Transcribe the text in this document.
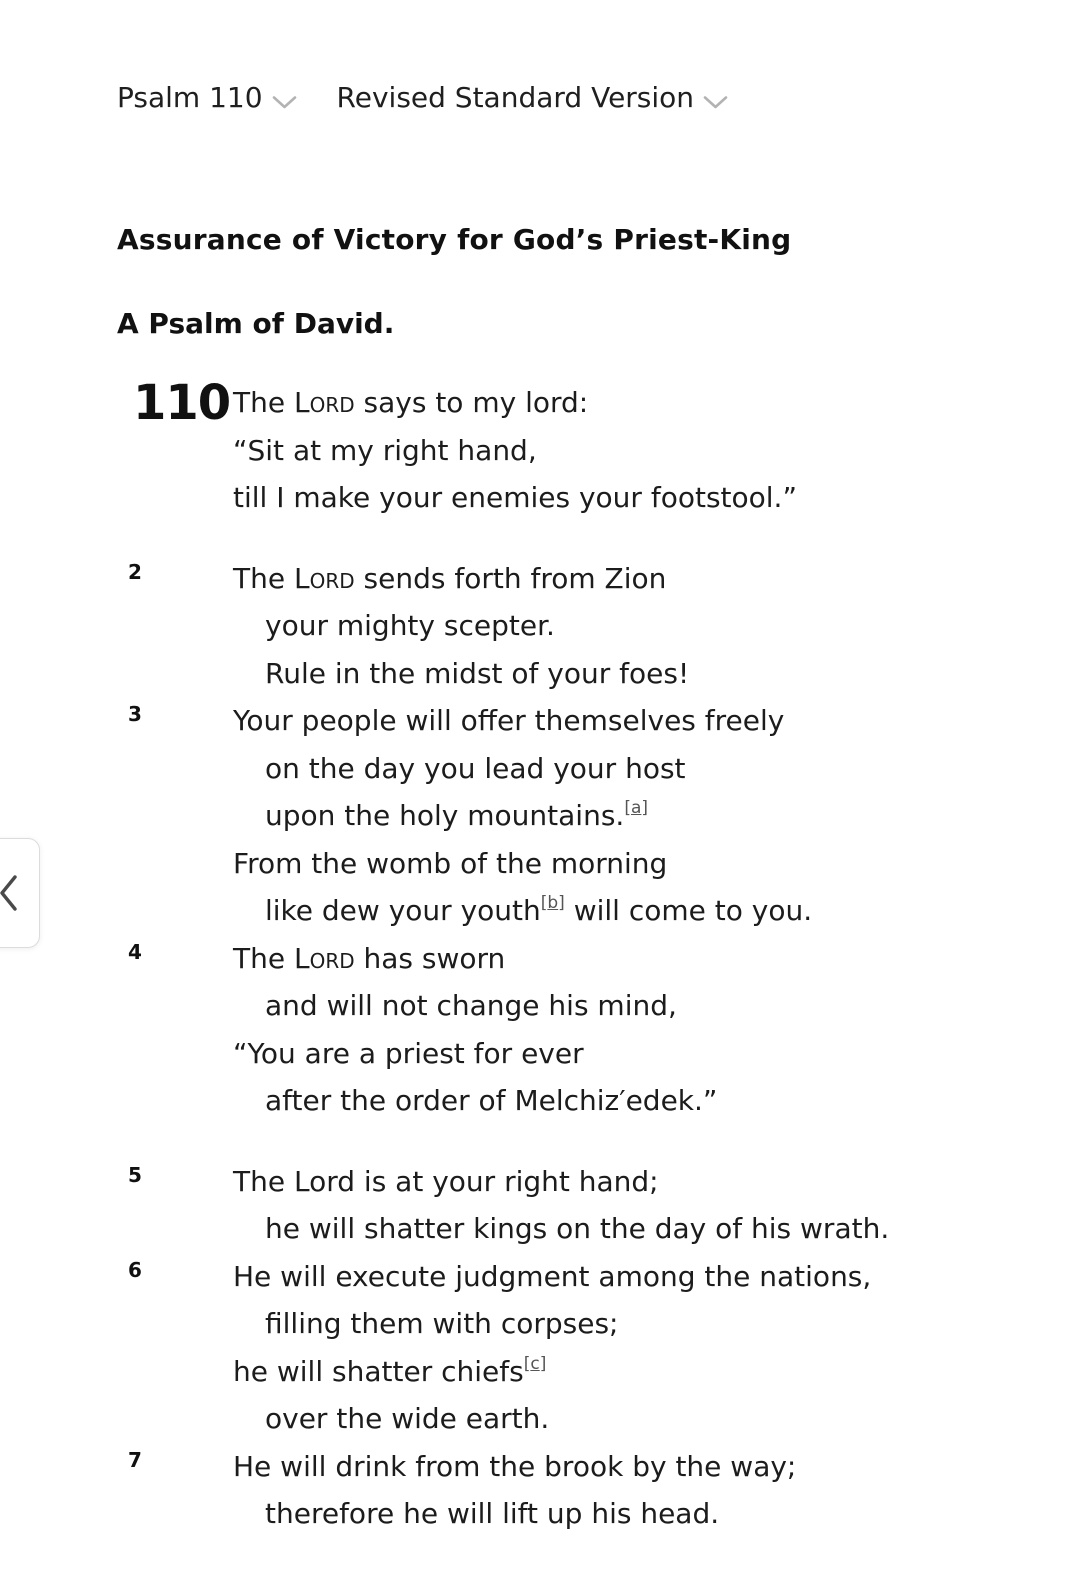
Psalm 110	Revised Standard Version
Assurance of Victory for God’s Priest-King
A Psalm of David.
110 The Lord says to my lord:
“Sit at my right hand,
till I make your enemies your footstool.”
2	The Lord sends forth from Zion
your mighty scepter.
Rule in the midst of your foes!
3	Your people will offer themselves freely
on the day you lead your host
upon the holy mountains.[a]
From the womb of the morning
like dew your youth[b] will come to you.
4	The Lord has sworn
and will not change his mind,
“You are a priest for ever
after the order of Melchiz′edek.”
5	The Lord is at your right hand;
he will shatter kings on the day of his wrath.
6	He will execute judgment among the nations,
filling them with corpses;
he will shatter chiefs[c]
over the wide earth.
7	He will drink from the brook by the way;
therefore he will lift up his head.
